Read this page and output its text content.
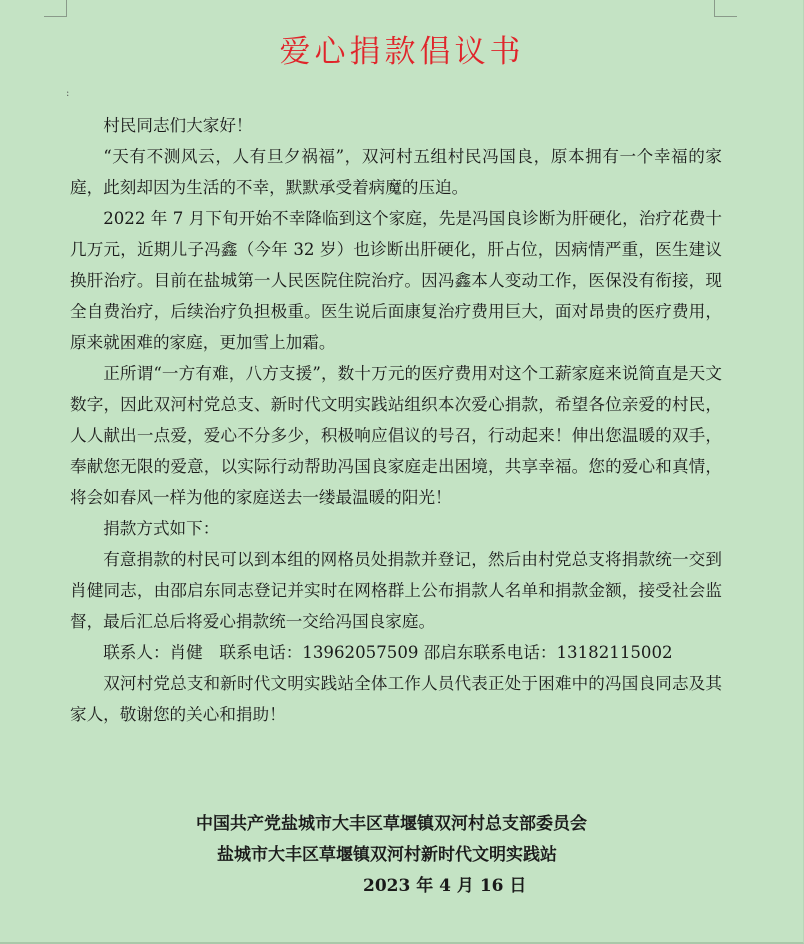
爱心捐款倡议书
:

村民同志们大家好！

“天有不测风云，人有旦夕祸福”，双河村五组村民冯国良，原本拥有一个幸福的家庭，此刻却因为生活的不幸，默默承受着病魔的压迫。

2022 年 7 月下旬开始不幸降临到这个家庭，先是冯国良诊断为肝硬化，治疗花费十几万元，近期儿子冯鑫（今年 32 岁）也诊断出肝硬化，肝占位，因病情严重，医生建议换肝治疗。目前在盐城第一人民医院住院治疗。因冯鑫本人变动工作，医保没有衔接，现全自费治疗，后续治疗负担极重。医生说后面康复治疗费用巨大，面对昂贵的医疗费用，原来就困难的家庭，更加雪上加霜。

正所谓“一方有难，八方支援”，数十万元的医疗费用对这个工薪家庭来说简直是天文数字，因此双河村党总支、新时代文明实践站组织本次爱心捐款，希望各位亲爱的村民，人人献出一点爱，爱心不分多少，积极响应倡议的号召，行动起来！伸出您温暖的双手，奉献您无限的爱意，以实际行动帮助冯国良家庭走出困境，共享幸福。您的爱心和真情，将会如春风一样为他的家庭送去一缕最温暖的阳光！

捐款方式如下：

有意捐款的村民可以到本组的网格员处捐款并登记，然后由村党总支将捐款统一交到肖健同志，由邵启东同志登记并实时在网格群上公布捐款人名单和捐款金额，接受社会监督，最后汇总后将爱心捐款统一交给冯国良家庭。

联系人：肖健　联系电话：13962057509 邵启东联系电话：13182115002

双河村党总支和新时代文明实践站全体工作人员代表正处于困难中的冯国良同志及其家人，敬谢您的关心和捐助！

中国共产党盐城市大丰区草堰镇双河村总支部委员会
盐城市大丰区草堰镇双河村新时代文明实践站
2023 年 4 月 16 日
